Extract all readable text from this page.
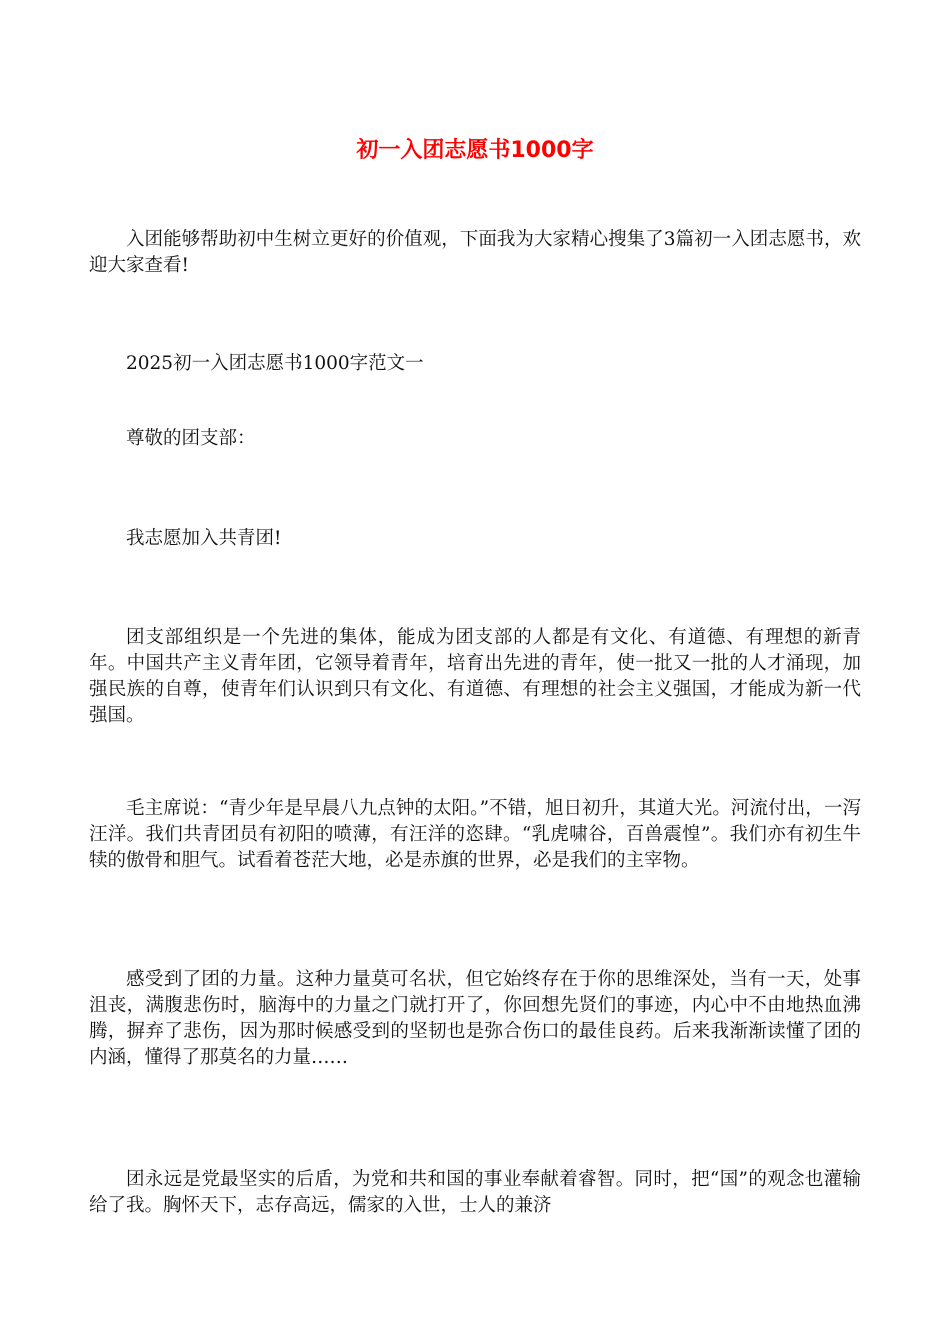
初一入团志愿书1000字

入团能够帮助初中生树立更好的价值观，下面我为大家精心搜集了3篇初一入团志愿书，欢迎大家查看!

2025初一入团志愿书1000字范文一

尊敬的团支部：

我志愿加入共青团!

团支部组织是一个先进的集体，能成为团支部的人都是有文化、有道德、有理想的新青年。中国共产主义青年团，它领导着青年，培育出先进的青年，使一批又一批的人才涌现，加强民族的自尊，使青年们认识到只有文化、有道德、有理想的社会主义强国，才能成为新一代强国。

毛主席说：“青少年是早晨八九点钟的太阳。”不错，旭日初升，其道大光。河流付出，一泻汪洋。我们共青团员有初阳的喷薄，有汪洋的恣肆。“乳虎啸谷，百兽震惶”。我们亦有初生牛犊的傲骨和胆气。试看着苍茫大地，必是赤旗的世界，必是我们的主宰物。

感受到了团的力量。这种力量莫可名状，但它始终存在于你的思维深处，当有一天，处事沮丧，满腹悲伤时，脑海中的力量之门就打开了，你回想先贤们的事迹，内心中不由地热血沸腾，摒弃了悲伤，因为那时候感受到的坚韧也是弥合伤口的最佳良药。后来我渐渐读懂了团的内涵，懂得了那莫名的力量……

团永远是党最坚实的后盾，为党和共和国的事业奉献着睿智。同时，把“国”的观念也灌输给了我。胸怀天下，志存高远，儒家的入世，士人的兼济
